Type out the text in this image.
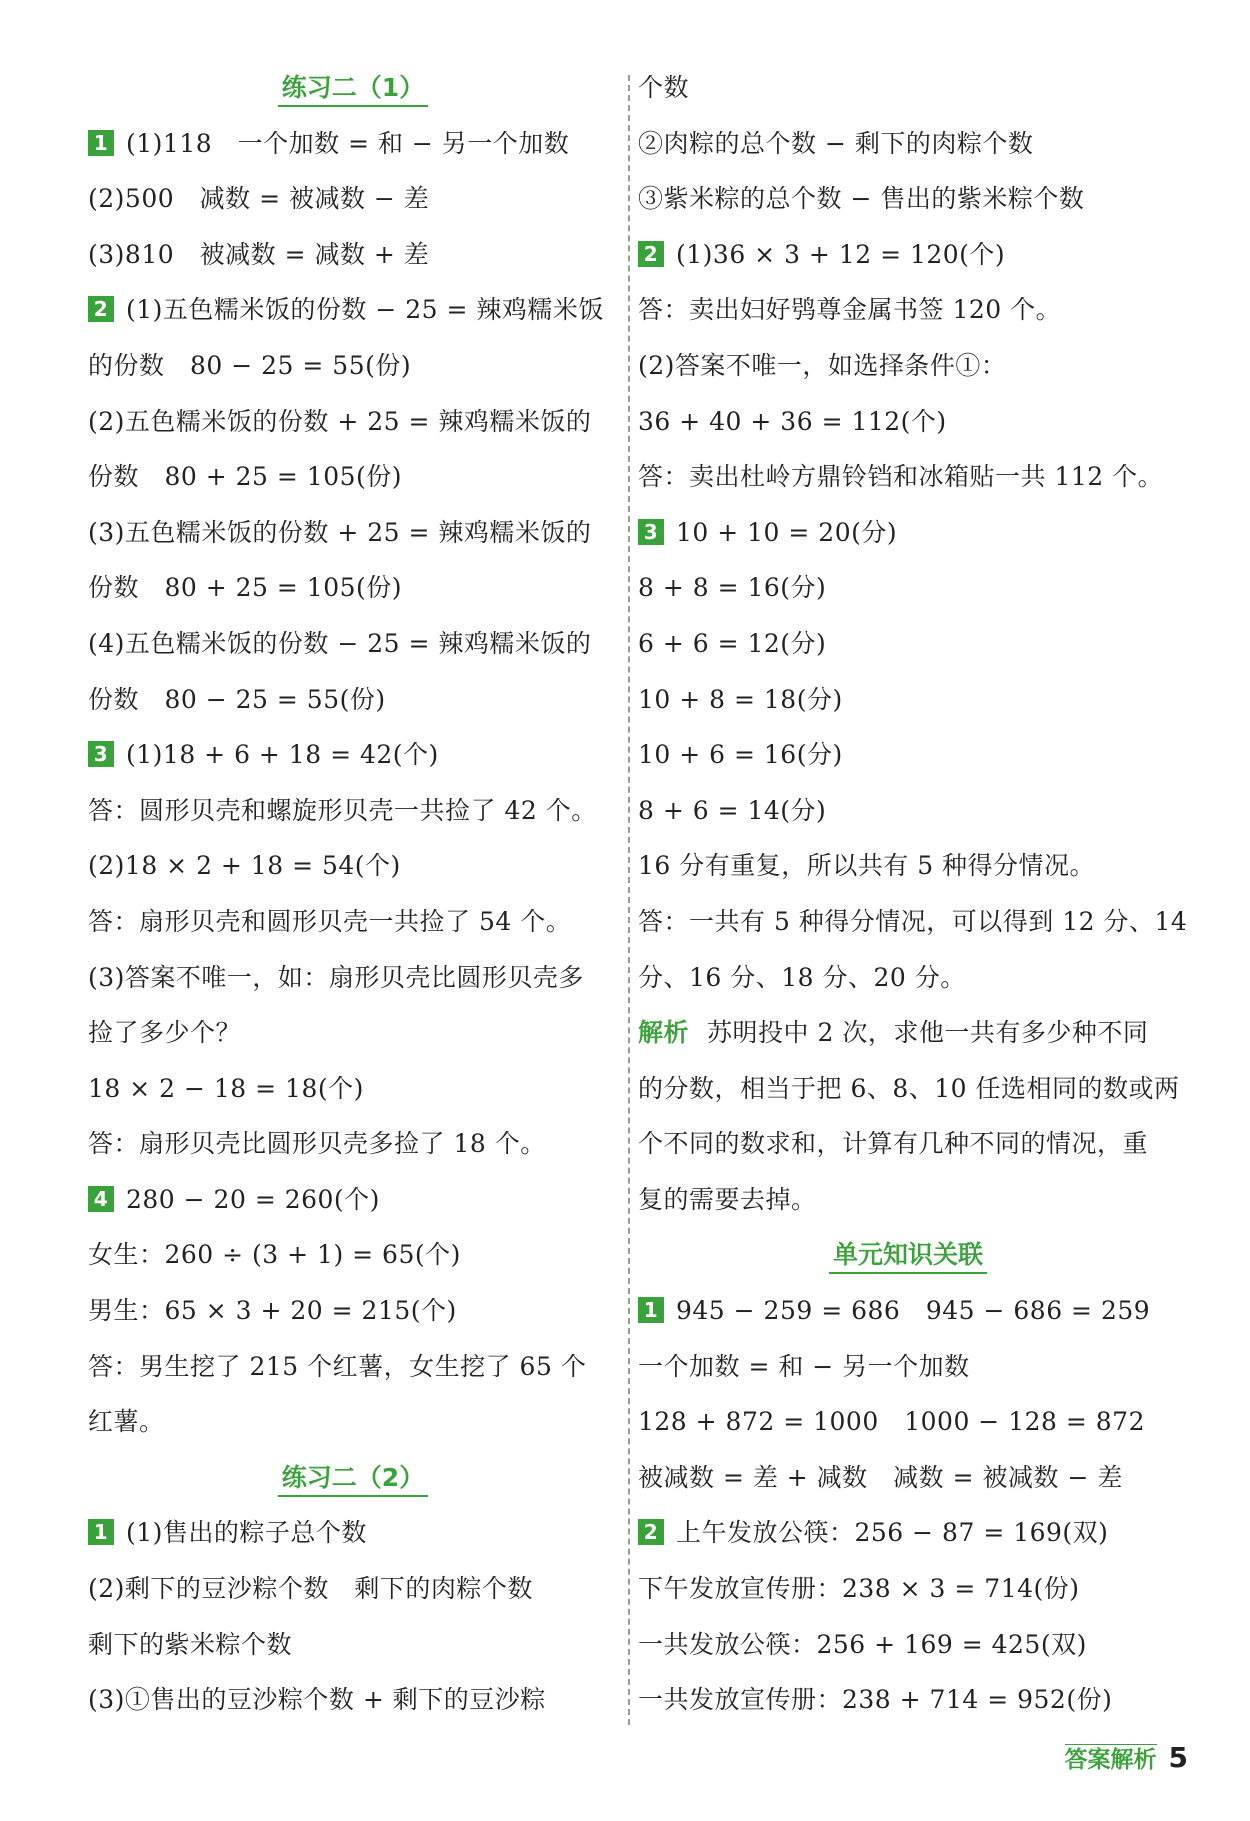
练习二（1）
1 (1)118　一个加数 = 和 − 另一个加数
(2)500　减数 = 被减数 − 差
(3)810　被减数 = 减数 + 差
2 (1)五色糯米饭的份数 − 25 = 辣鸡糯米饭
的份数　80 − 25 = 55(份)
(2)五色糯米饭的份数 + 25 = 辣鸡糯米饭的
份数　80 + 25 = 105(份)
(3)五色糯米饭的份数 + 25 = 辣鸡糯米饭的
份数　80 + 25 = 105(份)
(4)五色糯米饭的份数 − 25 = 辣鸡糯米饭的
份数　80 − 25 = 55(份)
3 (1)18 + 6 + 18 = 42(个)
答：圆形贝壳和螺旋形贝壳一共捡了 42 个。
(2)18 × 2 + 18 = 54(个)
答：扇形贝壳和圆形贝壳一共捡了 54 个。
(3)答案不唯一，如：扇形贝壳比圆形贝壳多
捡了多少个？
18 × 2 − 18 = 18(个)
答：扇形贝壳比圆形贝壳多捡了 18 个。
4 280 − 20 = 260(个)
女生：260 ÷ (3 + 1) = 65(个)
男生：65 × 3 + 20 = 215(个)
答：男生挖了 215 个红薯，女生挖了 65 个
红薯。
练习二（2）
1 (1)售出的粽子总个数
(2)剩下的豆沙粽个数　剩下的肉粽个数
剩下的紫米粽个数
(3)①售出的豆沙粽个数 + 剩下的豆沙粽
个数
②肉粽的总个数 − 剩下的肉粽个数
③紫米粽的总个数 − 售出的紫米粽个数
2 (1)36 × 3 + 12 = 120(个)
答：卖出妇好鸮尊金属书签 120 个。
(2)答案不唯一，如选择条件①：
36 + 40 + 36 = 112(个)
答：卖出杜岭方鼎铃铛和冰箱贴一共 112 个。
3 10 + 10 = 20(分)
8 + 8 = 16(分)
6 + 6 = 12(分)
10 + 8 = 18(分)
10 + 6 = 16(分)
8 + 6 = 14(分)
16 分有重复，所以共有 5 种得分情况。
答：一共有 5 种得分情况，可以得到 12 分、14
分、16 分、18 分、20 分。
解析 苏明投中 2 次，求他一共有多少种不同
的分数，相当于把 6、8、10 任选相同的数或两
个不同的数求和，计算有几种不同的情况，重
复的需要去掉。
单元知识关联
1 945 − 259 = 686　945 − 686 = 259
一个加数 = 和 − 另一个加数
128 + 872 = 1000　1000 − 128 = 872
被减数 = 差 + 减数　减数 = 被减数 − 差
2 上午发放公筷：256 − 87 = 169(双)
下午发放宣传册：238 × 3 = 714(份)
一共发放公筷：256 + 169 = 425(双)
一共发放宣传册：238 + 714 = 952(份)
答案解析 5
